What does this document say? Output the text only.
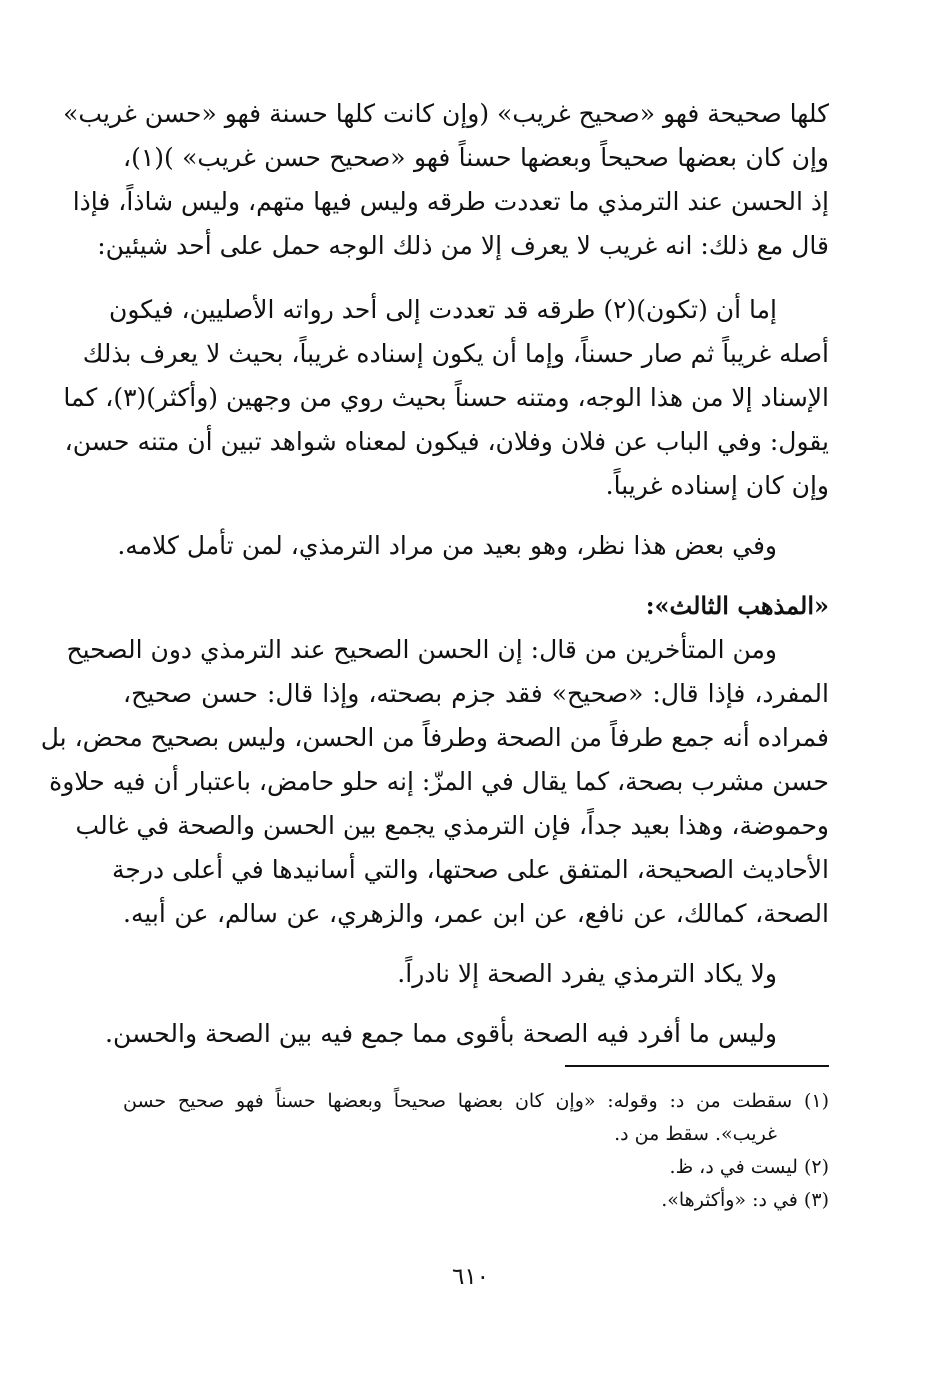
كلها صحيحة فهو «صحيح غريب» (وإن كانت كلها حسنة فهو «حسن غريب»
وإن كان بعضها صحيحاً وبعضها حسناً فهو «صحيح حسن غريب» )(١)،
إذ الحسن عند الترمذي ما تعددت طرقه وليس فيها متهم، وليس شاذاً، فإذا
قال مع ذلك: انه غريب لا يعرف إلا من ذلك الوجه حمل على أحد شيئين:
إما أن (تكون)(٢) طرقه قد تعددت إلى أحد رواته الأصليين، فيكون
أصله غريباً ثم صار حسناً، وإما أن يكون إسناده غريباً، بحيث لا يعرف بذلك
الإسناد إلا من هذا الوجه، ومتنه حسناً بحيث روي من وجهين (وأكثر)(٣)، كما
يقول: وفي الباب عن فلان وفلان، فيكون لمعناه شواهد تبين أن متنه حسن،
وإن كان إسناده غريباً.
وفي بعض هذا نظر، وهو بعيد من مراد الترمذي، لمن تأمل كلامه.
«المذهب الثالث»:
ومن المتأخرين من قال: إن الحسن الصحيح عند الترمذي دون الصحيح
المفرد، فإذا قال: «صحيح» فقد جزم بصحته، وإذا قال: حسن صحيح،
فمراده أنه جمع طرفاً من الصحة وطرفاً من الحسن، وليس بصحيح محض، بل
حسن مشرب بصحة، كما يقال في المزّ: إنه حلو حامض، باعتبار أن فيه حلاوة
وحموضة، وهذا بعيد جداً، فإن الترمذي يجمع بين الحسن والصحة في غالب
الأحاديث الصحيحة، المتفق على صحتها، والتي أسانيدها في أعلى درجة
الصحة، كمالك، عن نافع، عن ابن عمر، والزهري، عن سالم، عن أبيه.
ولا يكاد الترمذي يفرد الصحة إلا نادراً.
وليس ما أفرد فيه الصحة بأقوى مما جمع فيه بين الصحة والحسن.
(١) سقطت من د: وقوله: «وإن كان بعضها صحيحاً وبعضها حسناً فهو صحيح حسن
غريب». سقط من د.
(٢) ليست في د، ظ.
(٣) في د: «وأكثرها».
٦١٠
